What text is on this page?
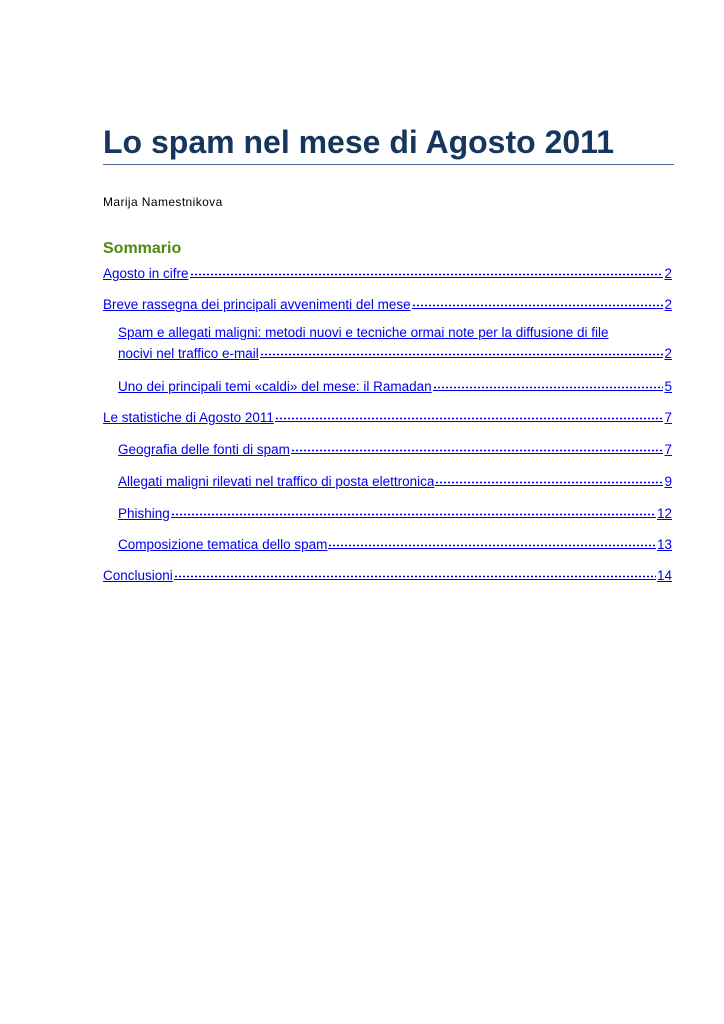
Lo spam nel mese di Agosto 2011
Marija Namestnikova
Sommario
Agosto in cifre	2
Breve rassegna dei principali avvenimenti del mese	2
Spam e allegati maligni: metodi nuovi e tecniche ormai note per la diffusione di file
nocivi nel traffico e-mail	2
Uno dei principali temi «caldi» del mese: il Ramadan	5
Le statistiche di Agosto 2011	7
Geografia delle fonti di spam	7
Allegati maligni rilevati nel traffico di posta elettronica	9
Phishing	12
Composizione tematica dello spam	13
Conclusioni	14
